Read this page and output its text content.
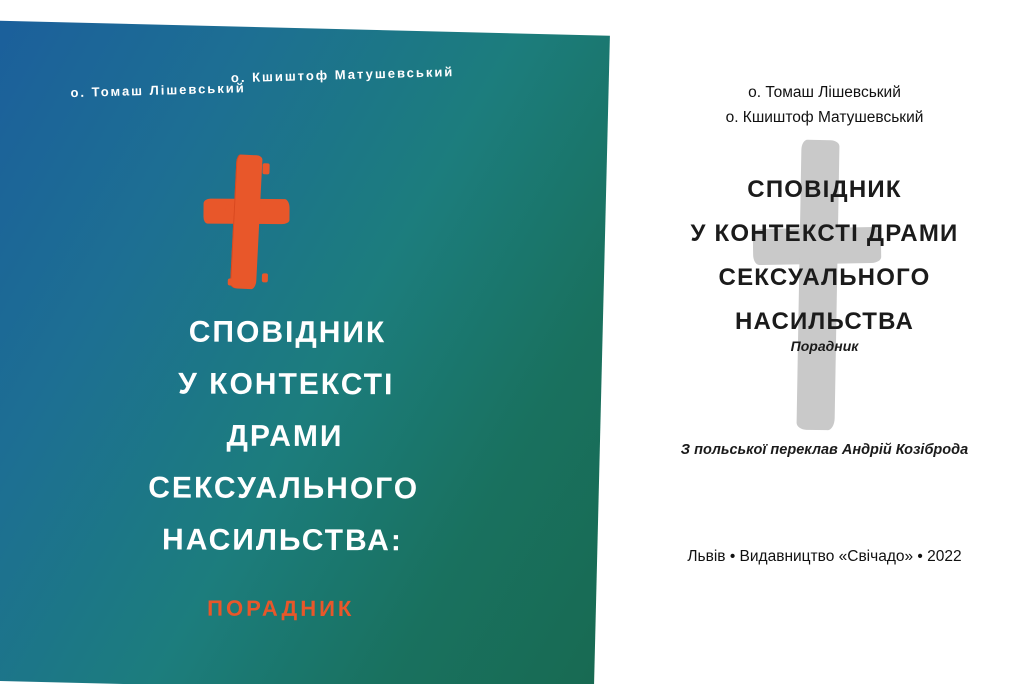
о. Томаш Лішевський
о. Кшиштоф Матушевський
СПОВІДНИК
У КОНТЕКСТІ
ДРАМИ
СЕКСУАЛЬНОГО
НАСИЛЬСТВА:
ПОРАДНИК
о. Томаш Лішевський
о. Кшиштоф Матушевський
СПОВІДНИК
У КОНТЕКСТІ ДРАМИ
СЕКСУАЛЬНОГО
НАСИЛЬСТВА
Порадник
З польської переклав Андрій Козіброда
Львів • Видавництво «Свічадо» • 2022
